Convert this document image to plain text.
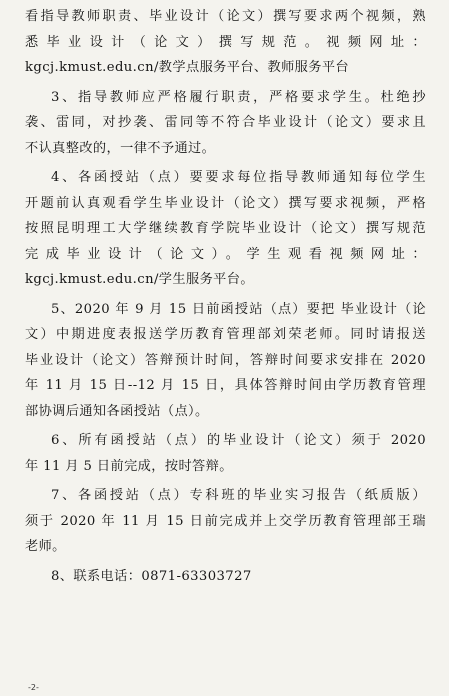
看指导教师职责、毕业设计（论文）撰写要求两个视频，熟
悉毕业设计（论文）撰写规范。视频网址：
kgcj.kmust.edu.cn/教学点服务平台、教师服务平台
3、指导教师应严格履行职责，严格要求学生。杜绝抄
袭、雷同，对抄袭、雷同等不符合毕业设计（论文）要求且
不认真整改的，一律不予通过。
4、各函授站（点）要要求每位指导教师通知每位学生
开题前认真观看学生毕业设计（论文）撰写要求视频，严格
按照昆明理工大学继续教育学院毕业设计（论文）撰写规范
完成毕业设计（论文）。学生观看视频网址：
kgcj.kmust.edu.cn/学生服务平台。
5、2020 年 9 月 15 日前函授站（点）要把 毕业设计（论
文）中期进度表报送学历教育管理部刘荣老师。同时请报送
毕业设计（论文）答辩预计时间，答辩时间要求安排在 2020
年 11 月 15 日--12 月 15 日，具体答辩时间由学历教育管理
部协调后通知各函授站（点）。
6、所有函授站（点）的毕业设计（论文）须于 2020
年 11 月 5 日前完成，按时答辩。
7、各函授站（点）专科班的毕业实习报告（纸质版）
须于 2020 年 11 月 15 日前完成并上交学历教育管理部王瑞
老师。
8、联系电话：0871-63303727
-2-
